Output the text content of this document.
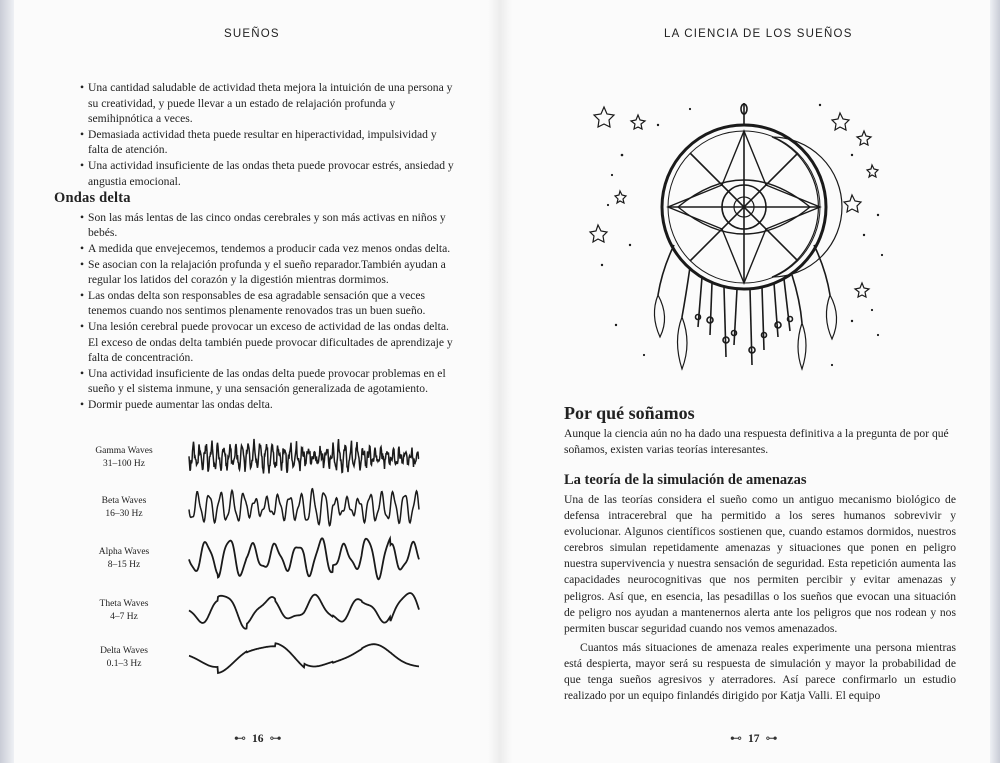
SUEÑOS
• Una cantidad saludable de actividad theta mejora la intuición de una persona y su creatividad, y puede llevar a un estado de relajación profunda y semihipnótica a veces.
• Demasiada actividad theta puede resultar en hiperactividad, impulsividad y falta de atención.
• Una actividad insuficiente de las ondas theta puede provocar estrés, ansiedad y angustia emocional.
Ondas delta
• Son las más lentas de las cinco ondas cerebrales y son más activas en niños y bebés.
• A medida que envejecemos, tendemos a producir cada vez menos ondas delta.
• Se asocian con la relajación profunda y el sueño reparador.También ayudan a regular los latidos del corazón y la digestión mientras dormimos.
• Las ondas delta son responsables de esa agradable sensación que a veces tenemos cuando nos sentimos plenamente renovados tras un buen sueño.
• Una lesión cerebral puede provocar un exceso de actividad de las ondas delta. El exceso de ondas delta también puede provocar dificultades de aprendizaje y falta de concentración.
• Una actividad insuficiente de las ondas delta puede provocar problemas en el sueño y el sistema inmune, y una sensación generalizada de agotamiento.
• Dormir puede aumentar las ondas delta.
Gamma Waves
31–100 Hz
Beta Waves
16–30 Hz
Alpha Waves
8–15 Hz
Theta Waves
4–7 Hz
Delta Waves
0.1–3 Hz
⊷ 16 ⊶
LA CIENCIA DE LOS SUEÑOS
Por qué soñamos
Aunque la ciencia aún no ha dado una respuesta definitiva a la pregunta de por qué soñamos, existen varias teorías interesantes.
La teoría de la simulación de amenazas
Una de las teorías considera el sueño como un antiguo mecanismo biológico de defensa intracerebral que ha permitido a los seres humanos sobrevivir y evolucionar. Algunos científicos sostienen que, cuando estamos dormidos, nuestros cerebros simulan repetidamente amenazas y situaciones que ponen en peligro nuestra supervivencia y nuestra sensación de seguridad. Esta repetición aumenta las capacidades neurocognitivas que nos permiten percibir y evitar amenazas y peligros. Así que, en esencia, las pesadillas o los sueños que evocan una situación de peligro nos ayudan a mantenernos alerta ante los peligros que nos rodean y nos permiten buscar seguridad cuando nos vemos amenazados.
Cuantos más situaciones de amenaza reales experimente una persona mientras está despierta, mayor será su respuesta de simulación y mayor la probabilidad de que tenga sueños agresivos y aterradores. Así parece confirmarlo un estudio realizado por un equipo finlandés dirigido por Katja Valli. El equipo
⊷ 17 ⊶
